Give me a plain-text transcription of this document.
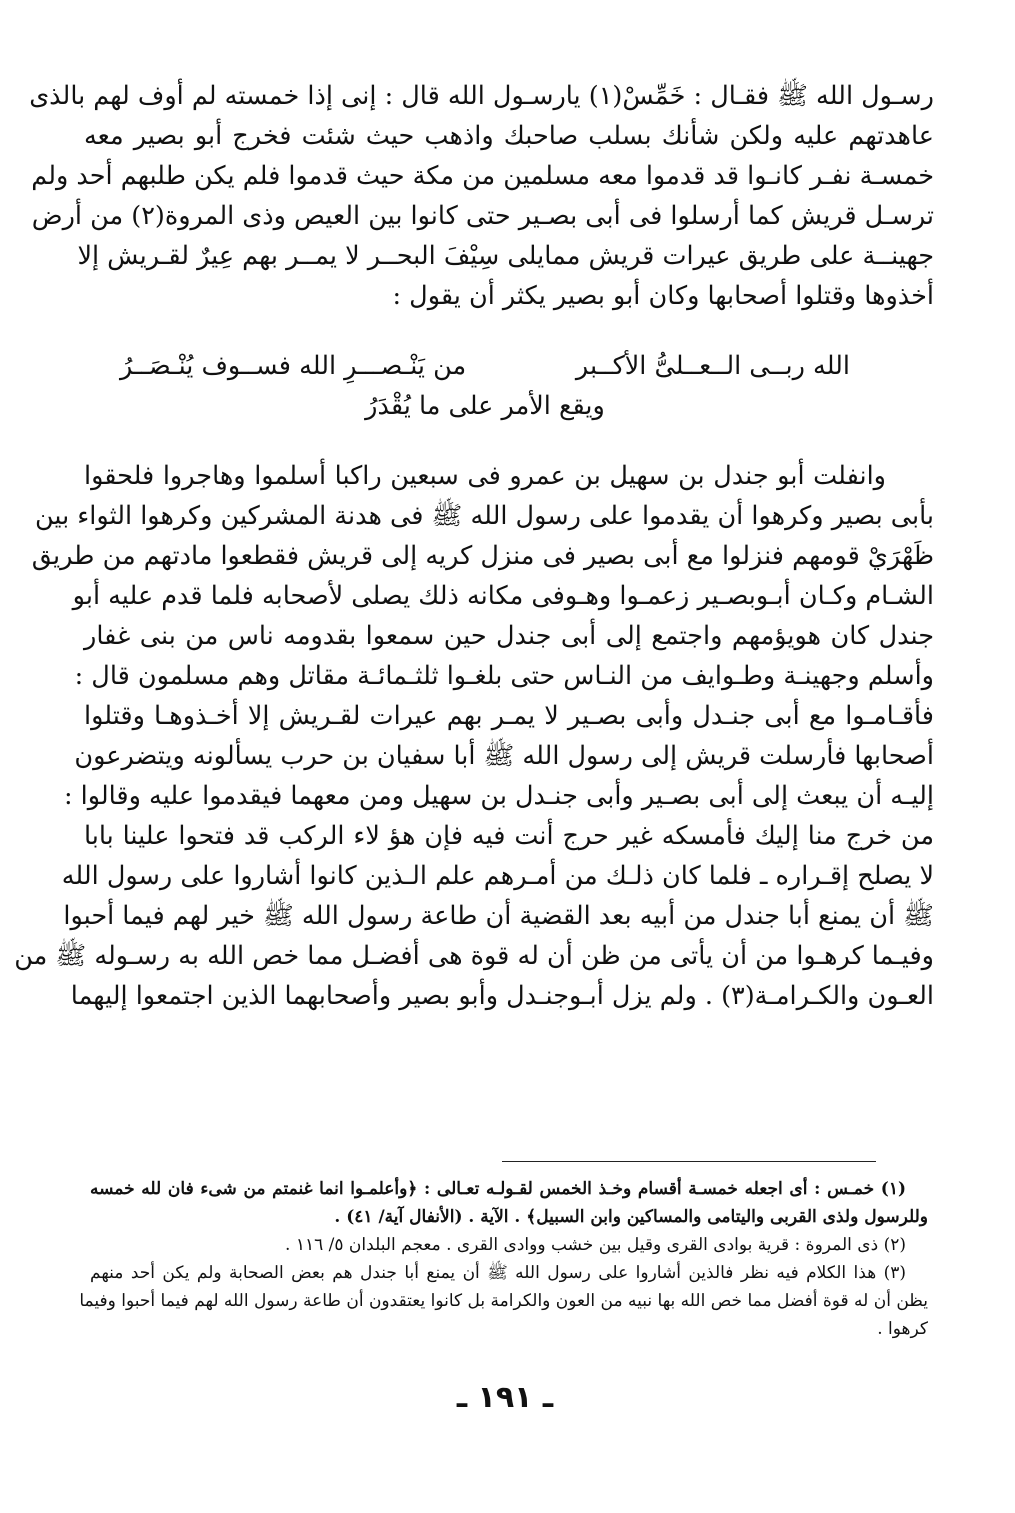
رسـول الله ﷺ فقـال : خَمِّسْ(١) يارسـول الله قال : إنى إذا خمسته لم أوف لهم بالذى
عاهدتهم عليه ولكن شأنك بسلب صاحبك واذهب حيث شئت فخرج أبو بصير معه
خمسـة نفـر كانـوا قد قدموا معه مسلمين من مكة حيث قدموا فلم يكن طلبهم أحد ولم
ترسـل قريش كما أرسلوا فى أبى بصـير حتى كانوا بين العيص وذى المروة(٢) من أرض
جهينــة على طريق عيرات قريش ممايلى سِيْفَ البحــر لا يمــر بهم عِيرٌ لقـريش إلا
أخذوها وقتلوا أصحابها وكان أبو بصير يكثر أن يقول :
الله ربــى الــعــلىُّ الأكــبر
من يَنْـصـــرِ الله فســوف يُنْـصَــرُ
ويقع الأمر على ما يُقْدَرُ
وانفلت أبو جندل بن سهيل بن عمرو فى سبعين راكبا أسلموا وهاجروا فلحقوا
بأبى بصير وكرهوا أن يقدموا على رسول الله ﷺ فى هدنة المشركين وكرهوا الثواء بين
ظَهْرَيْ قومهم فنزلوا مع أبى بصير فى منزل كريه إلى قريش فقطعوا مادتهم من طريق
الشـام وكـان أبـوبصـير زعمـوا وهـوفى مكانه ذلك يصلى لأصحابه فلما قدم عليه أبو
جندل كان هويؤمهم واجتمع إلى أبى جندل حين سمعوا بقدومه ناس من بنى غفار
وأسلم وجهينـة وطـوايف من النـاس حتى بلغـوا ثلثـمائـة مقاتل وهم مسلمون قال :
فأقـامـوا مع أبى جنـدل وأبى بصـير لا يمـر بهم عيرات لقـريش إلا أخـذوهـا وقتلوا
أصحابها فأرسلت قريش إلى رسول الله ﷺ أبا سفيان بن حرب يسألونه ويتضرعون
إليـه أن يبعث إلى أبى بصـير وأبى جنـدل بن سهيل ومن معهما فيقدموا عليه وقالوا :
من خرج منا إليك فأمسكه غير حرج أنت فيه فإن هؤ لاء الركب قد فتحوا علينا بابا
لا يصلح إقـراره ـ فلما كان ذلـك من أمـرهم علم الـذين كانوا أشاروا على رسول الله
ﷺ أن يمنع أبا جندل من أبيه بعد القضية أن طاعة رسول الله ﷺ خير لهم فيما أحبوا
وفيـما كرهـوا من أن يأتى من ظن أن له قوة هى أفضـل مما خص الله به رسـوله ﷺ من
العـون والكـرامـة(٣) . ولم يزل أبـوجنـدل وأبو بصير وأصحابهما الذين اجتمعوا إليهما
(١) خمـس : أى اجعله خمسـة أقسام وخـذ الخمس لقـولـه تعـالى : ﴿وأعلمـوا انما غنمتم من شىء فان لله خمسه
وللرسول ولذى القربى واليتامى والمساكين وابن السبيل﴾ . الآية . (الأنفال آية/ ٤١) .
(٢) ذى المروة : قرية بوادى القرى وقيل بين خشب ووادى القرى . معجم البلدان ٥/ ١١٦ .
(٣) هذا الكلام فيه نظر فالذين أشاروا على رسول الله ﷺ أن يمنع أبا جندل هم بعض الصحابة ولم يكن أحد منهم
يظن أن له قوة أفضل مما خص الله بها نبيه من العون والكرامة بل كانوا يعتقدون أن طاعة رسول الله لهم فيما أحبوا وفيما
كرهوا .
ـ ١٩١ ـ
